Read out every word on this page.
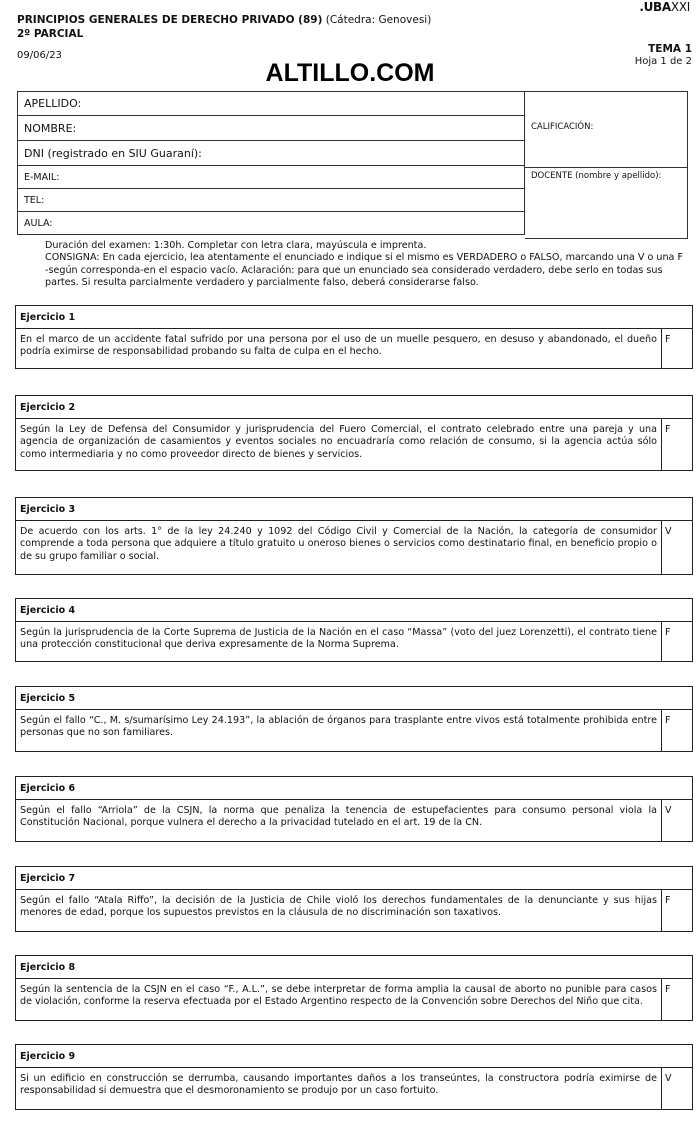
PRINCIPIOS GENERALES DE DERECHO PRIVADO (89) (Cátedra: Genovesi)
2º PARCIAL
09/06/23
.UBAXXI
TEMA 1
Hoja 1 de 2
ALTILLO.COM
APELLIDO:
NOMBRE:
DNI (registrado en SIU Guaraní):
E-MAIL:
TEL:
AULA:
CALIFICACIÓN:
DOCENTE (nombre y apellido):

Duración del examen: 1:30h. Completar con letra clara, mayúscula e imprenta.

CONSIGNA: En cada ejercicio, lea atentamente el enunciado e indique si el mismo es VERDADERO o FALSO, marcando una V o una F -según corresponda-en el espacio vacío. Aclaración: para que un enunciado sea considerado verdadero, debe serlo en todas sus partes. Si resulta parcialmente verdadero y parcialmente falso, deberá considerarse falso.

Ejercicio 1
En el marco de un accidente fatal sufrido por una persona por el uso de un muelle pesquero, en desuso y abandonado, el dueño podría eximirse de responsabilidad probando su falta de culpa en el hecho.
F
Ejercicio 2
Según la Ley de Defensa del Consumidor y jurisprudencia del Fuero Comercial, el contrato celebrado entre una pareja y una agencia de organización de casamientos y eventos sociales no encuadraría como relación de consumo, si la agencia actúa sólo como intermediaria y no como proveedor directo de bienes y servicios.
F
Ejercicio 3
De acuerdo con los arts. 1° de la ley 24.240 y 1092 del Código Civil y Comercial de la Nación, la categoría de consumidor comprende a toda persona que adquiere a título gratuito u oneroso bienes o servicios como destinatario final, en beneficio propio o de su grupo familiar o social.
V
Ejercicio 4
Según la jurisprudencia de la Corte Suprema de Justicia de la Nación en el caso “Massa” (voto del juez Lorenzetti), el contrato tiene una protección constitucional que deriva expresamente de la Norma Suprema.
F
Ejercicio 5
Según el fallo “C., M. s/sumarísimo Ley 24.193”, la ablación de órganos para trasplante entre vivos está totalmente prohibida entre personas que no son familiares.
F
Ejercicio 6
Según el fallo “Arriola” de la CSJN, la norma que penaliza la tenencia de estupefacientes para consumo personal viola la Constitución Nacional, porque vulnera el derecho a la privacidad tutelado en el art. 19 de la CN.
V
Ejercicio 7
Según el fallo “Atala Riffo”, la decisión de la Justicia de Chile violó los derechos fundamentales de la denunciante y sus hijas menores de edad, porque los supuestos previstos en la cláusula de no discriminación son taxativos.
F
Ejercicio 8
Según la sentencia de la CSJN en el caso “F., A.L.”, se debe interpretar de forma amplia la causal de aborto no punible para casos de violación, conforme la reserva efectuada por el Estado Argentino respecto de la Convención sobre Derechos del Niño que cita.
F
Ejercicio 9
Si un edificio en construcción se derrumba, causando importantes daños a los transeúntes, la constructora podría eximirse de responsabilidad si demuestra que el desmoronamiento se produjo por un caso fortuito.
V
